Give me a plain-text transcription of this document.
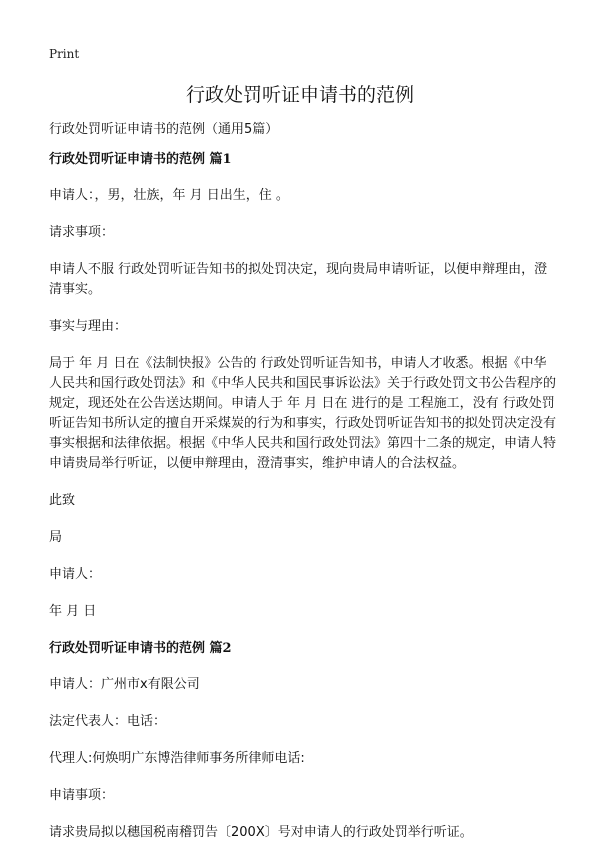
Print
行政处罚听证申请书的范例

行政处罚听证申请书的范例（通用5篇）

行政处罚听证申请书的范例 篇1

申请人：，男，壮族，年 月 日出生，住 。

请求事项：

申请人不服 行政处罚听证告知书的拟处罚决定，现向贵局申请听证，以便申辩理由，澄清事实。

事实与理由：

局于 年 月 日在《法制快报》公告的 行政处罚听证告知书，申请人才收悉。根据《中华人民共和国行政处罚法》和《中华人民共和国民事诉讼法》关于行政处罚文书公告程序的规定，现还处在公告送达期间。申请人于 年 月 日在 进行的是 工程施工，没有 行政处罚听证告知书所认定的擅自开采煤炭的行为和事实，行政处罚听证告知书的拟处罚决定没有事实根据和法律依据。根据《中华人民共和国行政处罚法》第四十二条的规定，申请人特申请贵局举行听证，以便申辩理由，澄清事实，维护申请人的合法权益。

此致

局

申请人：

年 月 日

行政处罚听证申请书的范例 篇2

申请人：广州市x有限公司

法定代表人：电话：

代理人:何焕明广东博浩律师事务所律师电话:

申请事项：

请求贵局拟以穗国税南稽罚告〔200X〕号对申请人的行政处罚举行听证。
